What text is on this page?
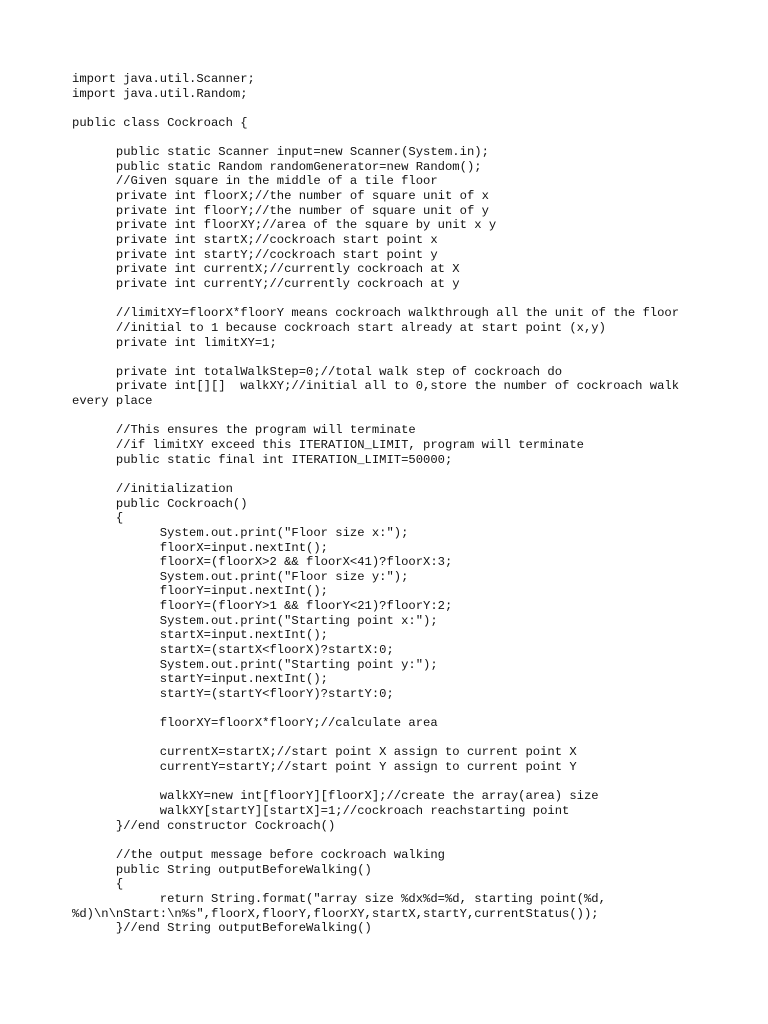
import java.util.Scanner;
import java.util.Random;
public class Cockroach {
public static Scanner input=new Scanner(System.in);
public static Random randomGenerator=new Random();
//Given square in the middle of a tile floor
private int floorX;//the number of square unit of x
private int floorY;//the number of square unit of y
private int floorXY;//area of the square by unit x y
private int startX;//cockroach start point x
private int startY;//cockroach start point y
private int currentX;//currently cockroach at X
private int currentY;//currently cockroach at y
//limitXY=floorX*floorY means cockroach walkthrough all the unit of the floor
//initial to 1 because cockroach start already at start point (x,y)
private int limitXY=1;
private int totalWalkStep=0;//total walk step of cockroach do
private int[][]  walkXY;//initial all to 0,store the number of cockroach walk
every place
//This ensures the program will terminate
//if limitXY exceed this ITERATION_LIMIT, program will terminate
public static final int ITERATION_LIMIT=50000;
//initialization
public Cockroach()
{
System.out.print("Floor size x:");
floorX=input.nextInt();
floorX=(floorX>2 && floorX<41)?floorX:3;
System.out.print("Floor size y:");
floorY=input.nextInt();
floorY=(floorY>1 && floorY<21)?floorY:2;
System.out.print("Starting point x:");
startX=input.nextInt();
startX=(startX<floorX)?startX:0;
System.out.print("Starting point y:");
startY=input.nextInt();
startY=(startY<floorY)?startY:0;
floorXY=floorX*floorY;//calculate area
currentX=startX;//start point X assign to current point X
currentY=startY;//start point Y assign to current point Y
walkXY=new int[floorY][floorX];//create the array(area) size
walkXY[startY][startX]=1;//cockroach reachstarting point
}//end constructor Cockroach()
//the output message before cockroach walking
public String outputBeforeWalking()
{
return String.format("array size %dx%d=%d, starting point(%d,
%d)\n\nStart:\n%s",floorX,floorY,floorXY,startX,startY,currentStatus());
}//end String outputBeforeWalking()
